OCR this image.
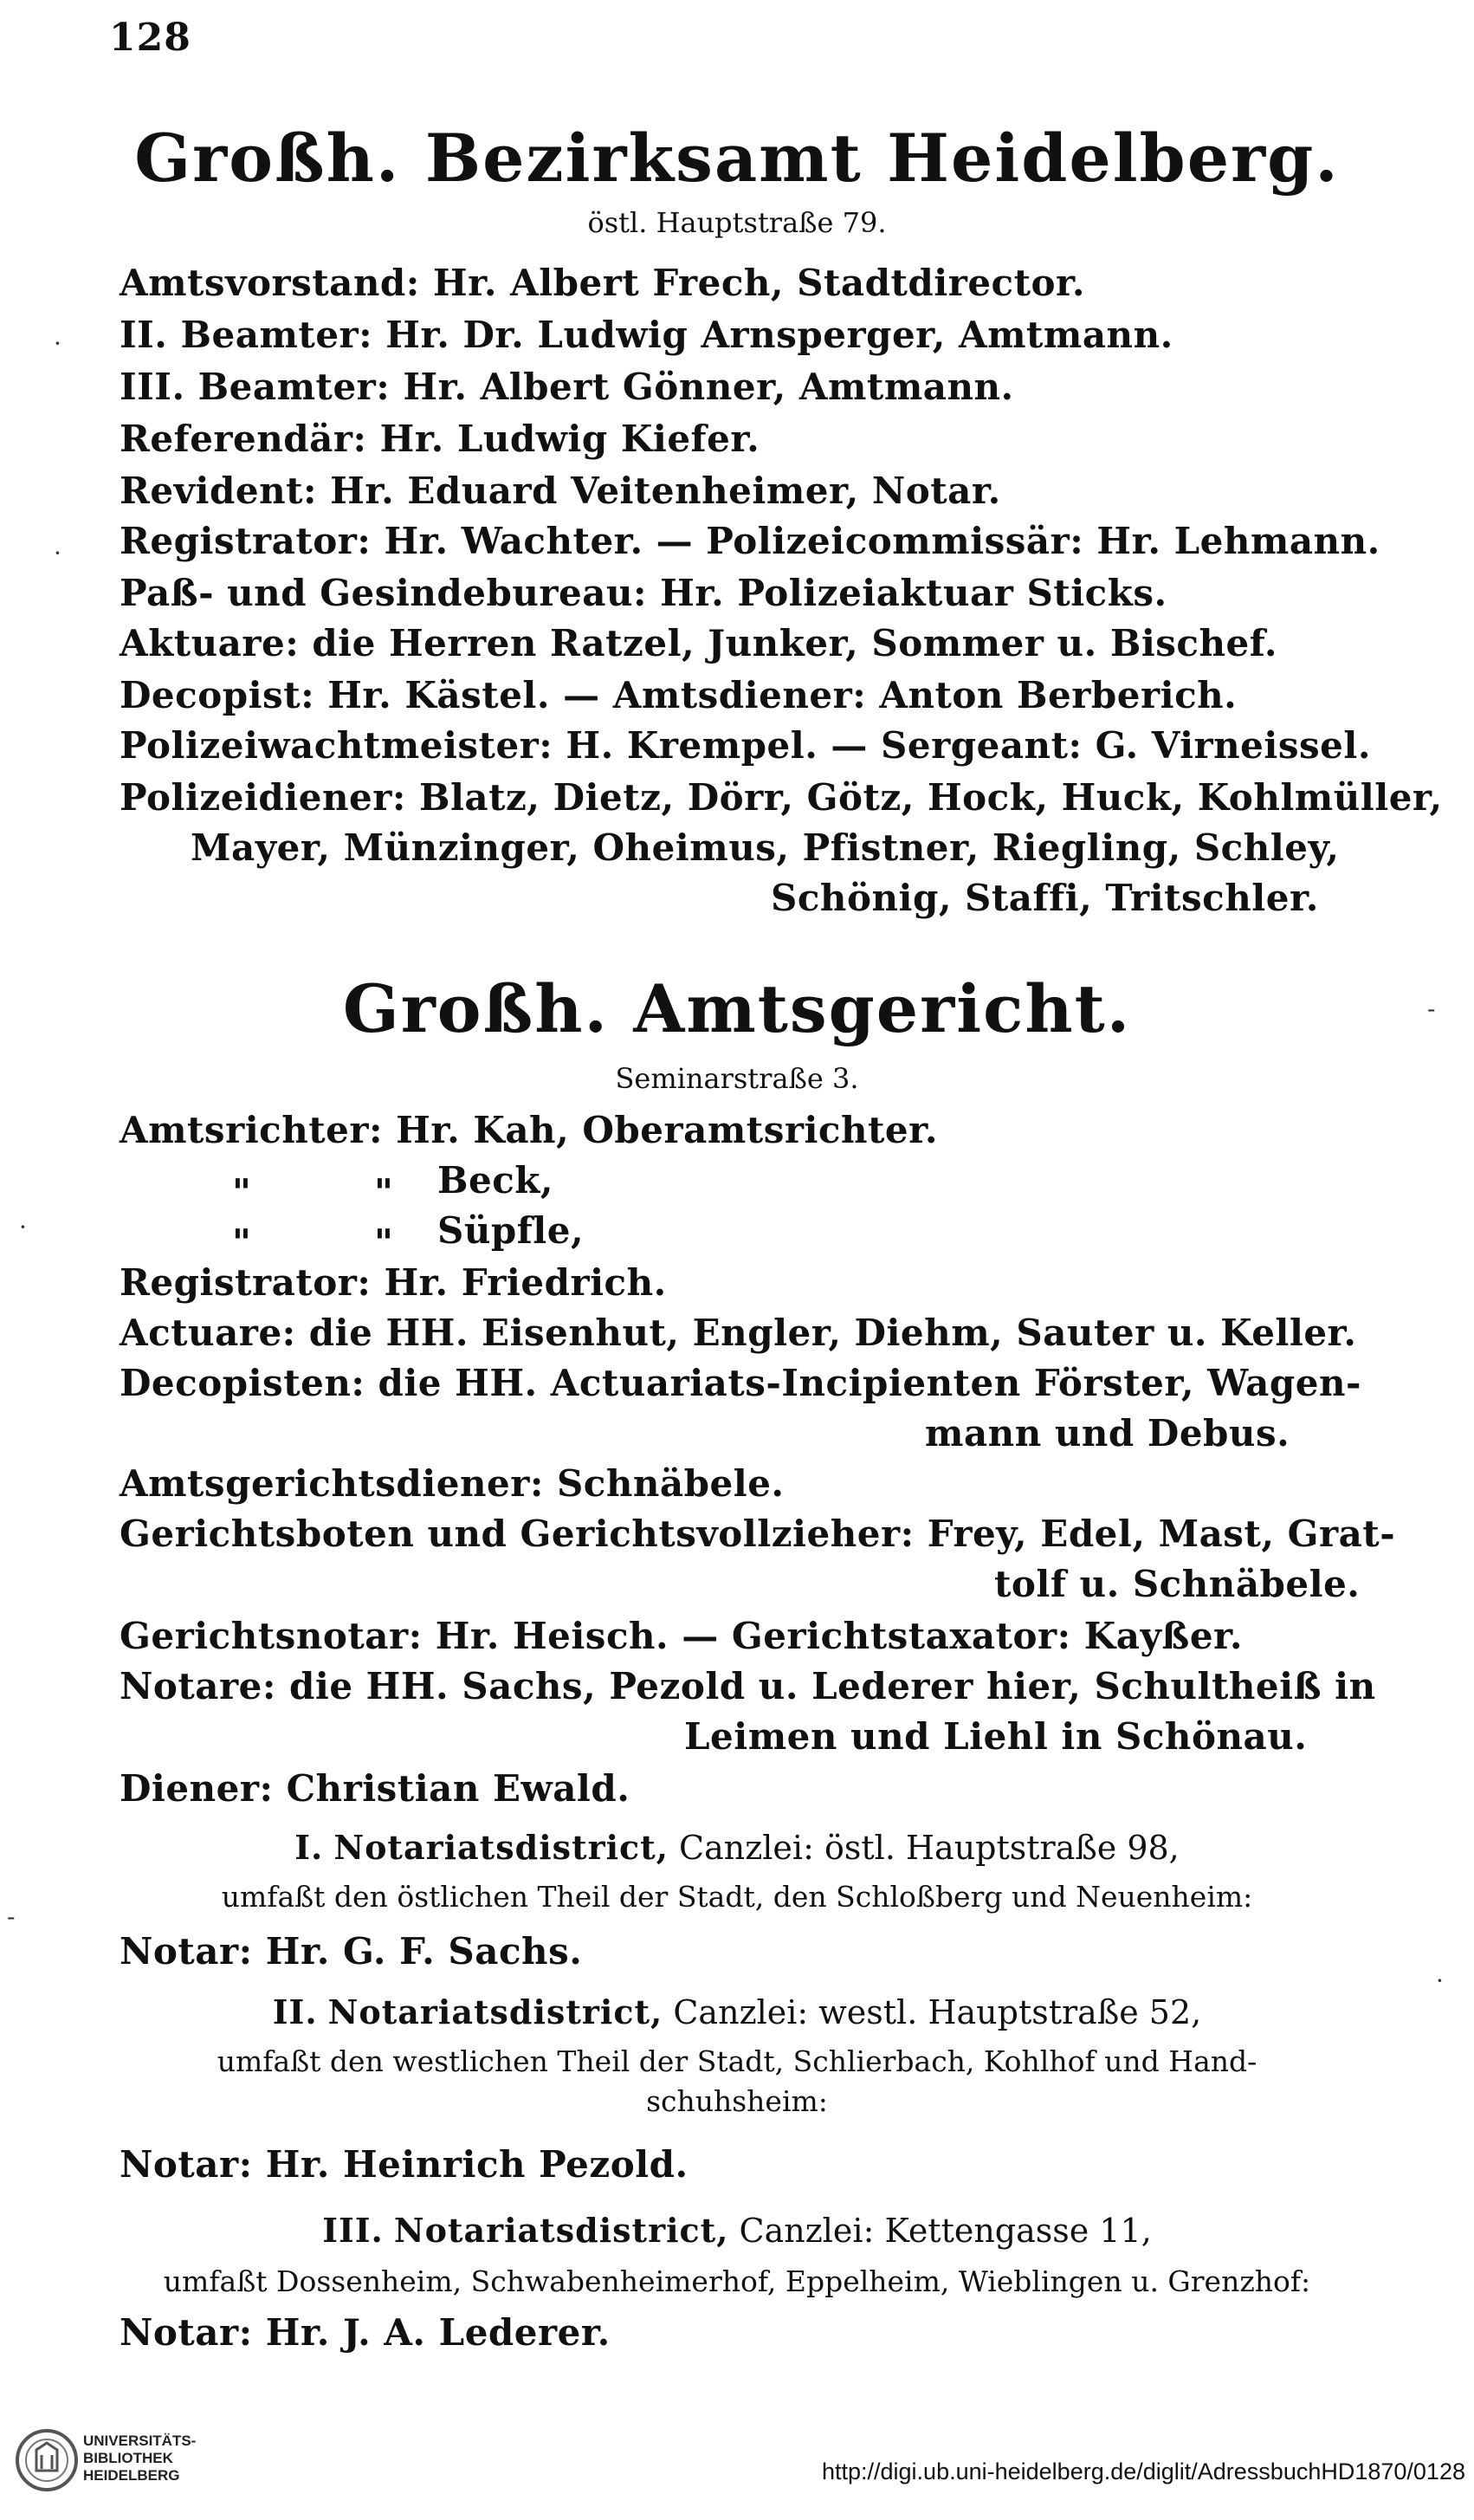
128
Großh. Bezirksamt Heidelberg.
östl. Hauptstraße 79.
Amtsvorstand: Hr. Albert Frech, Stadtdirector.
II. Beamter: Hr. Dr. Ludwig Arnsperger, Amtmann.
III. Beamter: Hr. Albert Gönner, Amtmann.
Referendär: Hr. Ludwig Kiefer.
Revident: Hr. Eduard Veitenheimer, Notar.
Registrator: Hr. Wachter. — Polizeicommissär: Hr. Lehmann.
Paß- und Gesindebureau: Hr. Polizeiaktuar Sticks.
Aktuare: die Herren Ratzel, Junker, Sommer u. Bischef.
Decopist: Hr. Kästel. — Amtsdiener: Anton Berberich.
Polizeiwachtmeister: H. Krempel. — Sergeant: G. Virneissel.
Polizeidiener: Blatz, Dietz, Dörr, Götz, Hock, Huck, Kohlmüller,
Mayer, Münzinger, Oheimus, Pfistner, Riegling, Schley,
Schönig, Staffi, Tritschler.
Großh. Amtsgericht.
Seminarstraße 3.
Amtsrichter: Hr. Kah, Oberamtsrichter.
"	" Beck,
"	" Süpfle,
Registrator: Hr. Friedrich.
Actuare: die HH. Eisenhut, Engler, Diehm, Sauter u. Keller.
Decopisten: die HH. Actuariats-Incipienten Förster, Wagen-
mann und Debus.
Amtsgerichtsdiener: Schnäbele.
Gerichtsboten und Gerichtsvollzieher: Frey, Edel, Mast, Grat-
tolf u. Schnäbele.
Gerichtsnotar: Hr. Heisch. — Gerichtstaxator: Kayßer.
Notare: die HH. Sachs, Pezold u. Lederer hier, Schultheiß in
Leimen und Liehl in Schönau.
Diener: Christian Ewald.
I. Notariatsdistrict, Canzlei: östl. Hauptstraße 98,
umfaßt den östlichen Theil der Stadt, den Schloßberg und Neuenheim:
Notar: Hr. G. F. Sachs.
II. Notariatsdistrict, Canzlei: westl. Hauptstraße 52,
umfaßt den westlichen Theil der Stadt, Schlierbach, Kohlhof und Hand-
schuhsheim:
Notar: Hr. Heinrich Pezold.
III. Notariatsdistrict, Canzlei: Kettengasse 11,
umfaßt Dossenheim, Schwabenheimerhof, Eppelheim, Wieblingen u. Grenzhof:
Notar: Hr. J. A. Lederer.
·
·
-
·
-
·
UNIVERSITÄTS-
BIBLIOTHEK
HEIDELBERG	http://digi.ub.uni-heidelberg.de/diglit/AdressbuchHD1870/0128
